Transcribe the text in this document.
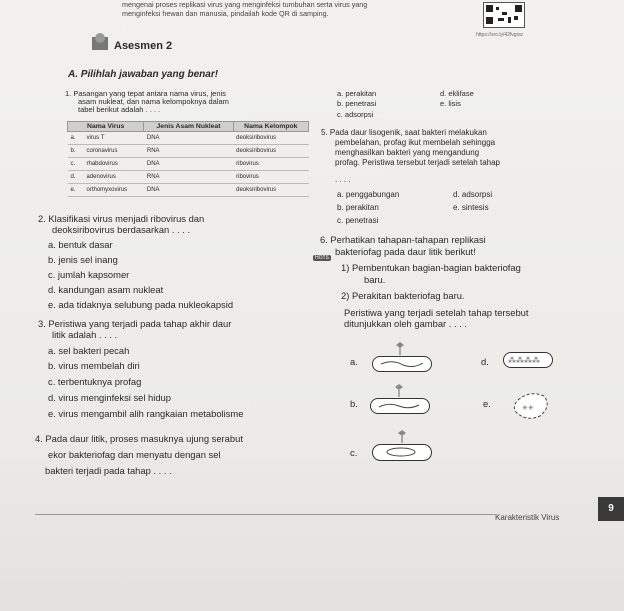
mengenai proses replikasi virus yang menginfeksi tumbuhan serta virus yang
menginfeksi hewan dan manusia, pindailah kode QR di samping.
https://sro.ly/42fvgxw
Asesmen 2
A. Pilihlah jawaban yang benar!
1. Pasangan yang tepat antara nama virus, jenis
asam nukleat, dan nama kelompoknya dalam
tabel berikut adalah . . . .
Nama Virus		Jenis Asam Nukleat	Nama Kelompok
a.	virus T	DNA	deoksiribovirus
b.	coronavirus	RNA	deoksiribovirus
c.	rhabdovirus	DNA	ribovirus
d.	adenovirus	RNA	ribovirus
e.	orthomyxovirus	DNA	deoksiribovirus
2. Klasifikasi virus menjadi ribovirus dan
deoksiribovirus berdasarkan . . . .
a. bentuk dasar
b. jenis sel inang
c. jumlah kapsomer
d. kandungan asam nukleat
e. ada tidaknya selubung pada nukleokapsid
3. Peristiwa yang terjadi pada tahap akhir daur
litik adalah . . . .
a. sel bakteri pecah
b. virus membelah diri
c. terbentuknya profag
d. virus menginfeksi sel hidup
e. virus mengambil alih rangkaian metabolisme
4. Pada daur litik, proses masuknya ujung serabut
ekor bakteriofag dan menyatu dengan sel
bakteri terjadi pada tahap . . . .
a. perakitan
b. penetrasi
c. adsorpsi
d. eklifase
e. lisis
5. Pada daur lisogenik, saat bakteri melakukan
pembelahan, profag ikut membelah sehingga
menghasilkan bakteri yang mengandung
profag. Peristiwa tersebut terjadi setelah tahap
. . . .
a. penggabungan
b. perakitan
c. penetrasi
d. adsorpsi
e. sintesis
6. Perhatikan tahapan-tahapan replikasi
HOTS
bakteriofag pada daur litik berikut!
1) Pembentukan bagian-bagian bakteriofag
baru.
2) Perakitan bakteriofag baru.
Peristiwa yang terjadi setelah tahap tersebut
ditunjukkan oleh gambar . . . .
a.
b.
c.
d. ⁂⁂⁂⁂
e.	✳✳
Karakteristik Virus
9
